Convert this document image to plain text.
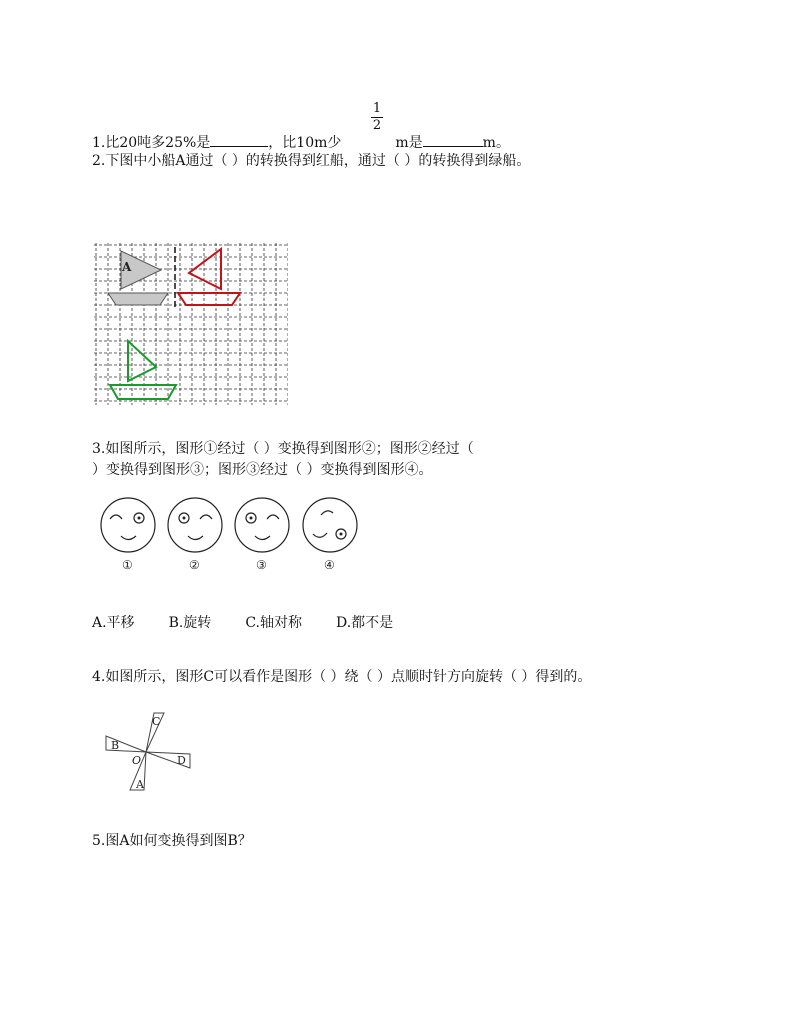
1
2
1.比20吨多25%是	，比10m少	m是	m。
2.下图中小船A通过（ ）的转换得到红船，通过（ ）的转换得到绿船。
A
3.如图所示，图形①经过（ ）变换得到图形②；图形②经过（
）变换得到图形③；图形③经过（ ）变换得到图形④。
①	②	③	④
A.平移 B.旋转 C.轴对称 D.都不是
4.如图所示，图形C可以看作是图形（ ）绕（ ）点顺时针方向旋转（ ）得到的。
C
B
D
A
O
5.图A如何变换得到图B？
